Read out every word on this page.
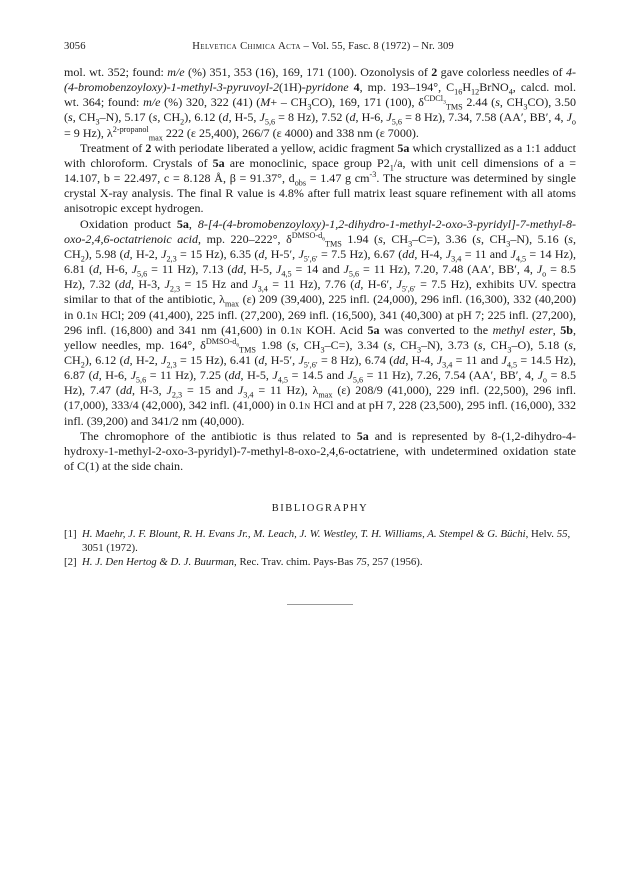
3056	Helvetica Chimica Acta – Vol. 55, Fasc. 8 (1972) – Nr. 309

mol. wt. 352; found: m/e (%) 351, 353 (16), 169, 171 (100). Ozonolysis of 2 gave colorless needles of 4-(4-bromobenzoyloxy)-1-methyl-3-pyruvoyl-2(1H)-pyridone 4, mp. 193–194°, $C_{16}H_{12}BrNO_4$, calcd. mol. wt. 364; found: m/e (%) 320, 322 (41) $(M+ - CH_3CO)$, 169, 171 (100), $\delta^{CDCl_3}_{TMS}$ 2.44 (s, $CH_3CO$), 3.50 (s, $CH_3-N$), 5.17 (s, $CH_2$), 6.12 (d, H-5, $J_{5,6} = 8$ Hz), 7.52 (d, H-6, $J_{5,6} = 8$ Hz), 7.34, 7.58 (AA′, BB′, 4, $J_o = 9$ Hz), $\lambda^{2-propanol}_{max}$ 222 (ε 25,400), 266/7 (ε 4000) and 338 nm (ε 7000).

Treatment of 2 with periodate liberated a yellow, acidic fragment 5a which crystallized as a 1:1 adduct with chloroform. Crystals of 5a are monoclinic, space group $P2_1/a$, with unit cell dimensions of a = 14.107, b = 22.497, c = 8.128 Å, β = 91.37°, $d_{obs} = 1.47$ g $cm^{-3}$. The structure was determined by single crystal X-ray analysis. The final R value is 4.8% after full matrix least square refinement with all atoms anisotropic except hydrogen.

Oxidation product 5a, 8-[4-(4-bromobenzoyloxy)-1,2-dihydro-1-methyl-2-oxo-3-pyridyl]-7-methyl-8-oxo-2,4,6-octatrienoic acid, mp. 220–222°, $\delta^{DMSO-d_6}_{TMS}$ 1.94 (s, $CH_3-C=$), 3.36 (s, $CH_3-N$), 5.16 (s, $CH_2$), 5.98 (d, H-2, $J_{2,3} = 15$ Hz), 6.35 (d, H-5′, $J_{5',6'} = 7.5$ Hz), 6.67 (dd, H-4, $J_{3,4} = 11$ and $J_{4,5} = 14$ Hz), 6.81 (d, H-6, $J_{5,6} = 11$ Hz), 7.13 (dd, H-5, $J_{4,5} = 14$ and $J_{5,6} = 11$ Hz), 7.20, 7.48 (AA′, BB′, 4, $J_o = 8.5$ Hz), 7.32 (dd, H-3, $J_{2,3} = 15$ Hz and $J_{3,4} = 11$ Hz), 7.76 (d, H-6′, $J_{5',6'} = 7.5$ Hz), exhibits UV. spectra similar to that of the antibiotic, $\lambda_{max}$ (ε) 209 (39,400), 225 infl. (24,000), 296 infl. (16,300), 332 (40,200) in 0.1n HCl; 209 (41,400), 225 infl. (27,200), 269 infl. (16,500), 341 (40,300) at pH 7; 225 infl. (27,200), 296 infl. (16,800) and 341 nm (41,600) in 0.1n KOH. Acid 5a was converted to the methyl ester, 5b, yellow needles, mp. 164°, $\delta^{DMSO-d_6}_{TMS}$ 1.98 (s, $CH_3-C=$), 3.34 (s, $CH_3-N$), 3.73 (s, $CH_3-O$), 5.18 (s, $CH_2$), 6.12 (d, H-2, $J_{2,3} = 15$ Hz), 6.41 (d, H-5′, $J_{5',6'} = 8$ Hz), 6.74 (dd, H-4, $J_{3,4} = 11$ and $J_{4,5} = 14.5$ Hz), 6.87 (d, H-6, $J_{5,6} = 11$ Hz), 7.25 (dd, H-5, $J_{4,5} = 14.5$ and $J_{5,6} = 11$ Hz), 7.26, 7.54 (AA′, BB′, 4, $J_o = 8.5$ Hz), 7.47 (dd, H-3, $J_{2,3} = 15$ and $J_{3,4} = 11$ Hz), $\lambda_{max}$ (ε) 208/9 (41,000), 229 infl. (22,500), 296 infl. (17,000), 333/4 (42,000), 342 infl. (41,000) in 0.1n HCl and at pH 7, 228 (23,500), 295 infl. (16,000), 332 infl. (39,200) and 341/2 nm (40,000).

The chromophore of the antibiotic is thus related to 5a and is represented by 8-(1,2-dihydro-4-hydroxy-1-methyl-2-oxo-3-pyridyl)-7-methyl-8-oxo-2,4,6-octatriene, with undetermined oxidation state of C(1) at the side chain.

BIBLIOGRAPHY
[1] H. Maehr, J. F. Blount, R. H. Evans Jr., M. Leach, J. W. Westley, T. H. Williams, A. Stempel & G. Büchi, Helv. 55, 3051 (1972).
[2] H. J. Den Hertog & D. J. Buurman, Rec. Trav. chim. Pays-Bas 75, 257 (1956).
